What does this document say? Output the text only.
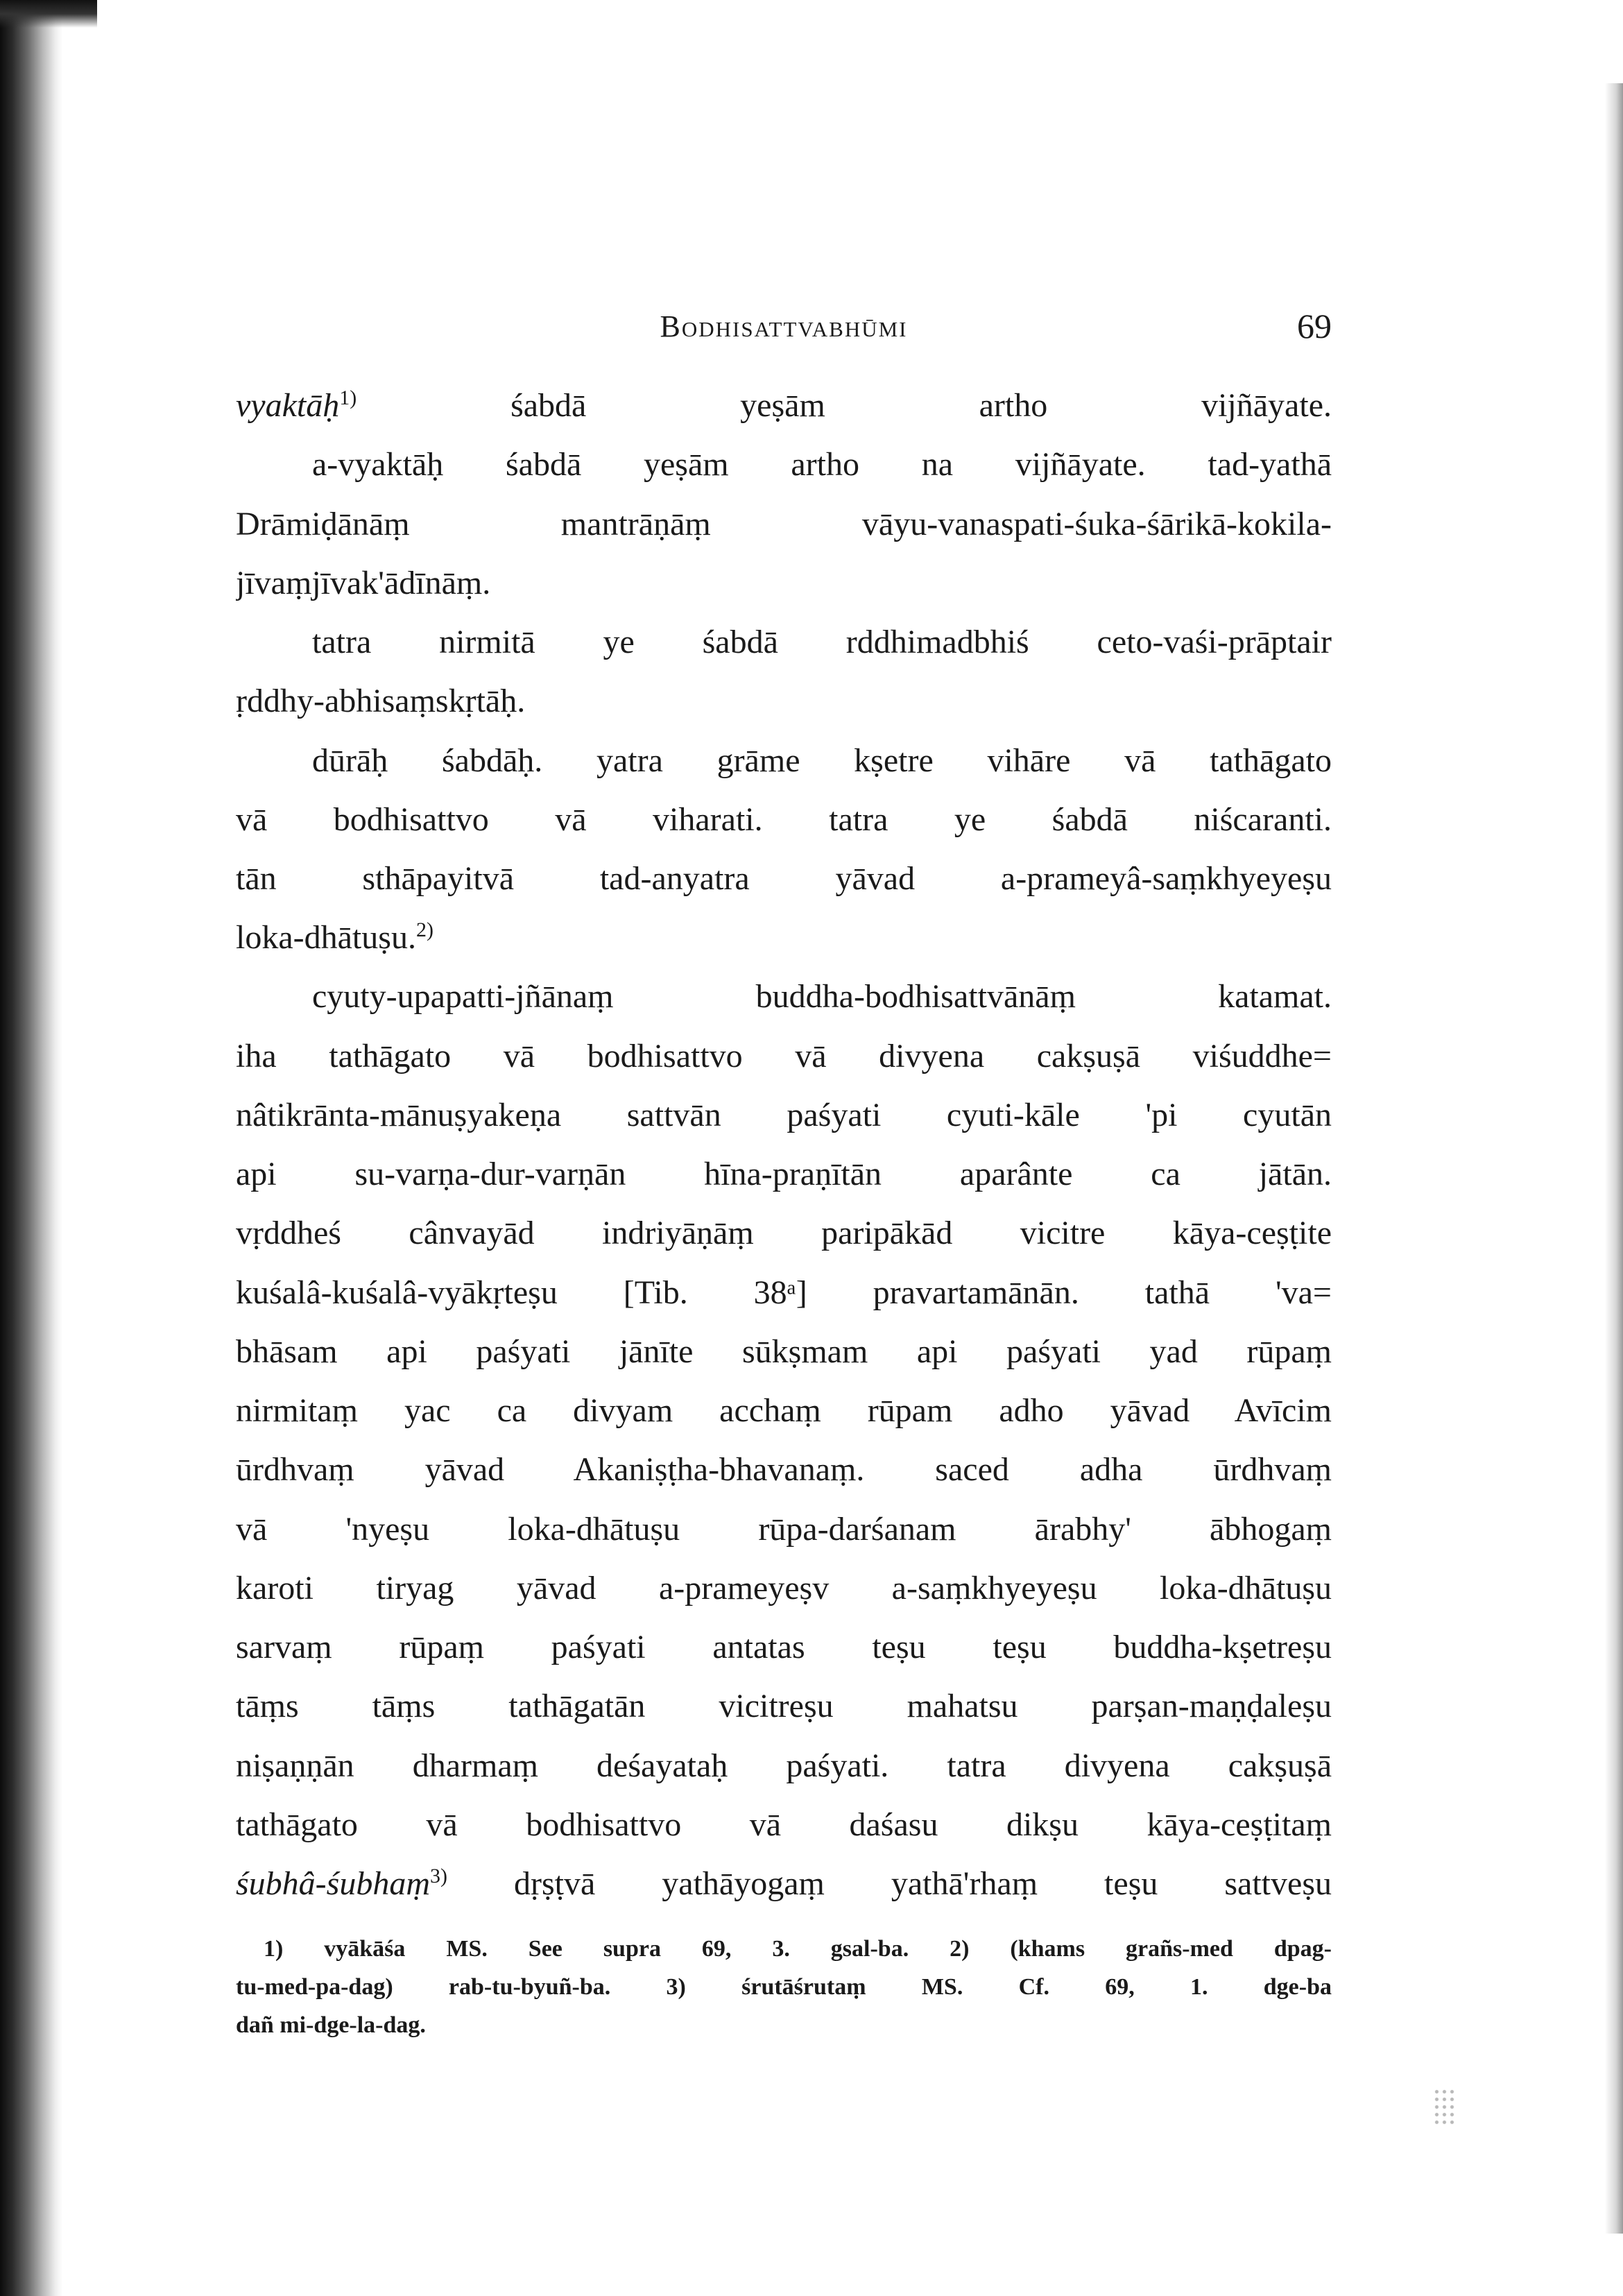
Bodhisattvabhūmi	69
vyaktāḥ$^{1)}$ śabdā yeṣām artho vijñāyate.
a-vyaktāḥ śabdā yeṣām artho na vijñāyate. tad-yathā
Drāmiḍānāṃ mantrāṇāṃ vāyu-vanaspati-śuka-śārikā-kokila-
jīvaṃjīvak'ādīnāṃ.
tatra nirmitā ye śabdā rddhimadbhiś ceto-vaśi-prāptair
ṛddhy-abhisaṃskṛtāḥ.
dūrāḥ śabdāḥ. yatra grāme kṣetre vihāre vā tathāgato
vā bodhisattvo vā viharati. tatra ye śabdā niścaranti.
tān sthāpayitvā tad-anyatra yāvad a-prameyâ-saṃkhyeyeṣu
loka-dhātuṣu.$^{2)}$
cyuty-upapatti-jñānaṃ buddha-bodhisattvānāṃ katamat.
iha tathāgato vā bodhisattvo vā divyena cakṣuṣā viśuddhe=
nâtikrānta-mānuṣyakeṇa sattvān paśyati cyuti-kāle 'pi cyutān
api su-varṇa-dur-varṇān hīna-praṇītān aparânte ca jātān.
vṛddheś cânvayād indriyāṇāṃ paripākād vicitre kāya-ceṣṭite
kuśalâ-kuśalâ-vyākṛteṣu [Tib. 38ᵃ] pravartamānān. tathā 'va=
bhāsam api paśyati jānīte sūkṣmam api paśyati yad rūpaṃ
nirmitaṃ yac ca divyam acchaṃ rūpam adho yāvad Avīcim
ūrdhvaṃ yāvad Akaniṣṭha-bhavanaṃ. saced adha ūrdhvaṃ
vā 'nyeṣu loka-dhātuṣu rūpa-darśanam ārabhy' ābhogaṃ
karoti tiryag yāvad a-prameyeṣv a-saṃkhyeyeṣu loka-dhātuṣu
sarvaṃ rūpaṃ paśyati antatas teṣu teṣu buddha-kṣetreṣu
tāṃs tāṃs tathāgatān vicitreṣu mahatsu parṣan-maṇḍaleṣu
niṣaṇṇān dharmaṃ deśayataḥ paśyati. tatra divyena cakṣuṣā
tathāgato vā bodhisattvo vā daśasu dikṣu kāya-ceṣṭitaṃ
śubhâ-śubhaṃ$^{3)}$ dṛṣṭvā yathāyogaṃ yathā'rhaṃ teṣu sattveṣu
1) vyākāśa MS. See supra 69, 3. gsal-ba. 2) (khams grañs-med dpag-
tu-med-pa-dag) rab-tu-byuñ-ba. 3) śrutāśrutaṃ MS. Cf. 69, 1. dge-ba
dañ mi-dge-la-dag.
